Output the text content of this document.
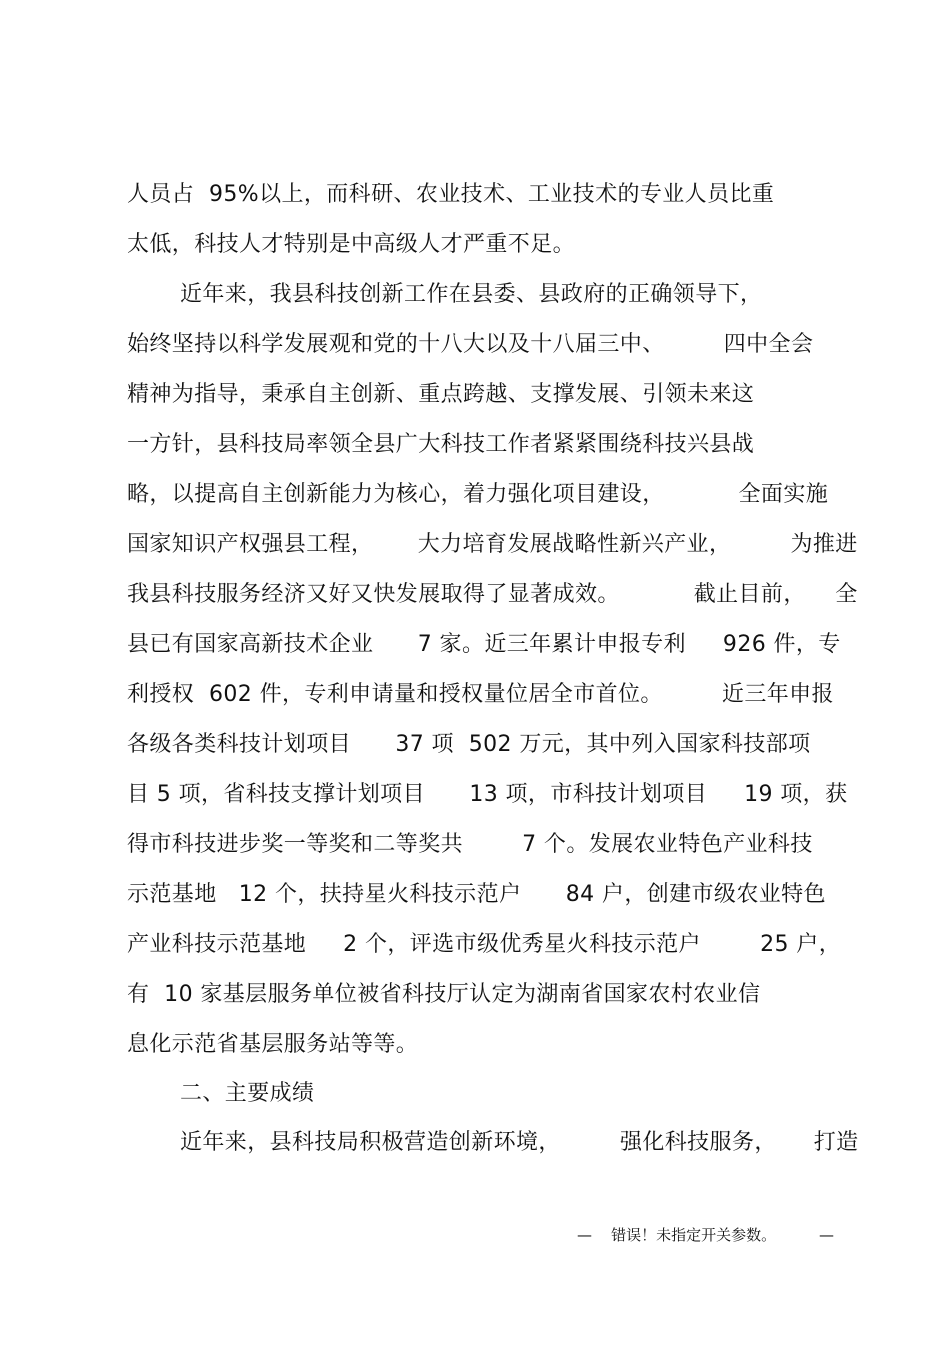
人员占  95%以上，而科研、农业技术、工业技术的专业人员比重
太低，科技人才特别是中高级人才严重不足。
近年来，我县科技创新工作在县委、县政府的正确领导下，
始终坚持以科学发展观和党的十八大以及十八届三中、        四中全会
精神为指导，秉承自主创新、重点跨越、支撑发展、引领未来这
一方针，县科技局率领全县广大科技工作者紧紧围绕科技兴县战
略，以提高自主创新能力为核心，着力强化项目建设，          全面实施
国家知识产权强县工程，      大力培育发展战略性新兴产业，        为推进
我县科技服务经济又好又快发展取得了显著成效。          截止目前，    全
县已有国家高新技术企业      7 家。近三年累计申报专利     926 件，专
利授权  602 件，专利申请量和授权量位居全市首位。        近三年申报
各级各类科技计划项目      37 项  502 万元，其中列入国家科技部项
目 5 项，省科技支撑计划项目      13 项，市科技计划项目     19 项，获
得市科技进步奖一等奖和二等奖共        7 个。发展农业特色产业科技
示范基地   12 个，扶持星火科技示范户      84 户，创建市级农业特色
产业科技示范基地     2 个，评选市级优秀星火科技示范户        25 户，
有  10 家基层服务单位被省科技厅认定为湖南省国家农村农业信
息化示范省基层服务站等等。
二、主要成绩
近年来，县科技局积极营造创新环境，        强化科技服务，     打造
—    错误！未指定开关参数。         —
